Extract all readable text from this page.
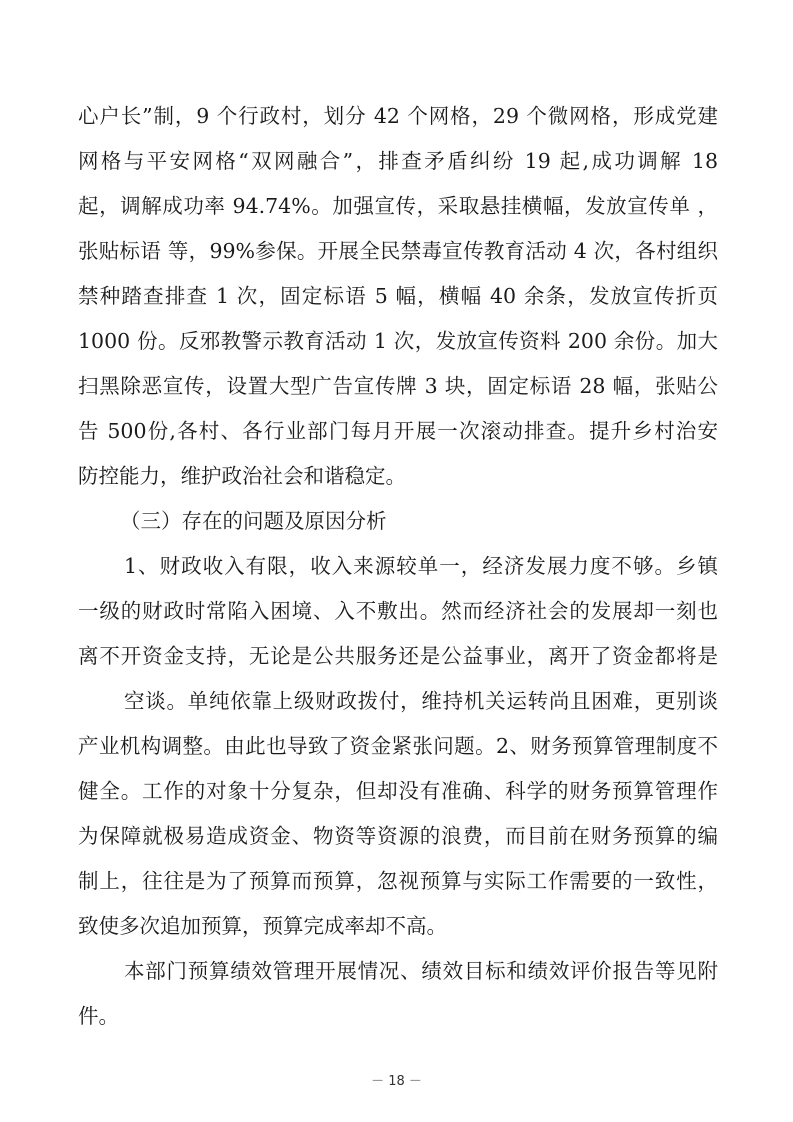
心户长”制，9 个行政村，划分 42 个网格，29 个微网格，形成党建
网格与平安网格“双网融合”，排查矛盾纠纷 19 起,成功调解 18
起，调解成功率 94.74%。加强宣传，采取悬挂横幅，发放宣传单 ，
张贴标语 等，99%参保。开展全民禁毒宣传教育活动 4 次，各村组织
禁种踏查排查 1 次，固定标语 5 幅，横幅 40 余条，发放宣传折页
1000 份。反邪教警示教育活动 1 次，发放宣传资料 200 余份。加大
扫黑除恶宣传，设置大型广告宣传牌 3 块，固定标语 28 幅，张贴公
告 500份,各村、各行业部门每月开展一次滚动排查。提升乡村治安
防控能力，维护政治社会和谐稳定。
（三）存在的问题及原因分析
1、财政收入有限，收入来源较单一，经济发展力度不够。乡镇
一级的财政时常陷入困境、入不敷出。然而经济社会的发展却一刻也
离不开资金支持，无论是公共服务还是公益事业，离开了资金都将是
空谈。单纯依靠上级财政拨付，维持机关运转尚且困难，更别谈
产业机构调整。由此也导致了资金紧张问题。2、财务预算管理制度不
健全。工作的对象十分复杂，但却没有准确、科学的财务预算管理作
为保障就极易造成资金、物资等资源的浪费，而目前在财务预算的编
制上，往往是为了预算而预算，忽视预算与实际工作需要的一致性，
致使多次追加预算，预算完成率却不高。
本部门预算绩效管理开展情况、绩效目标和绩效评价报告等见附
件。
－ 18 －
